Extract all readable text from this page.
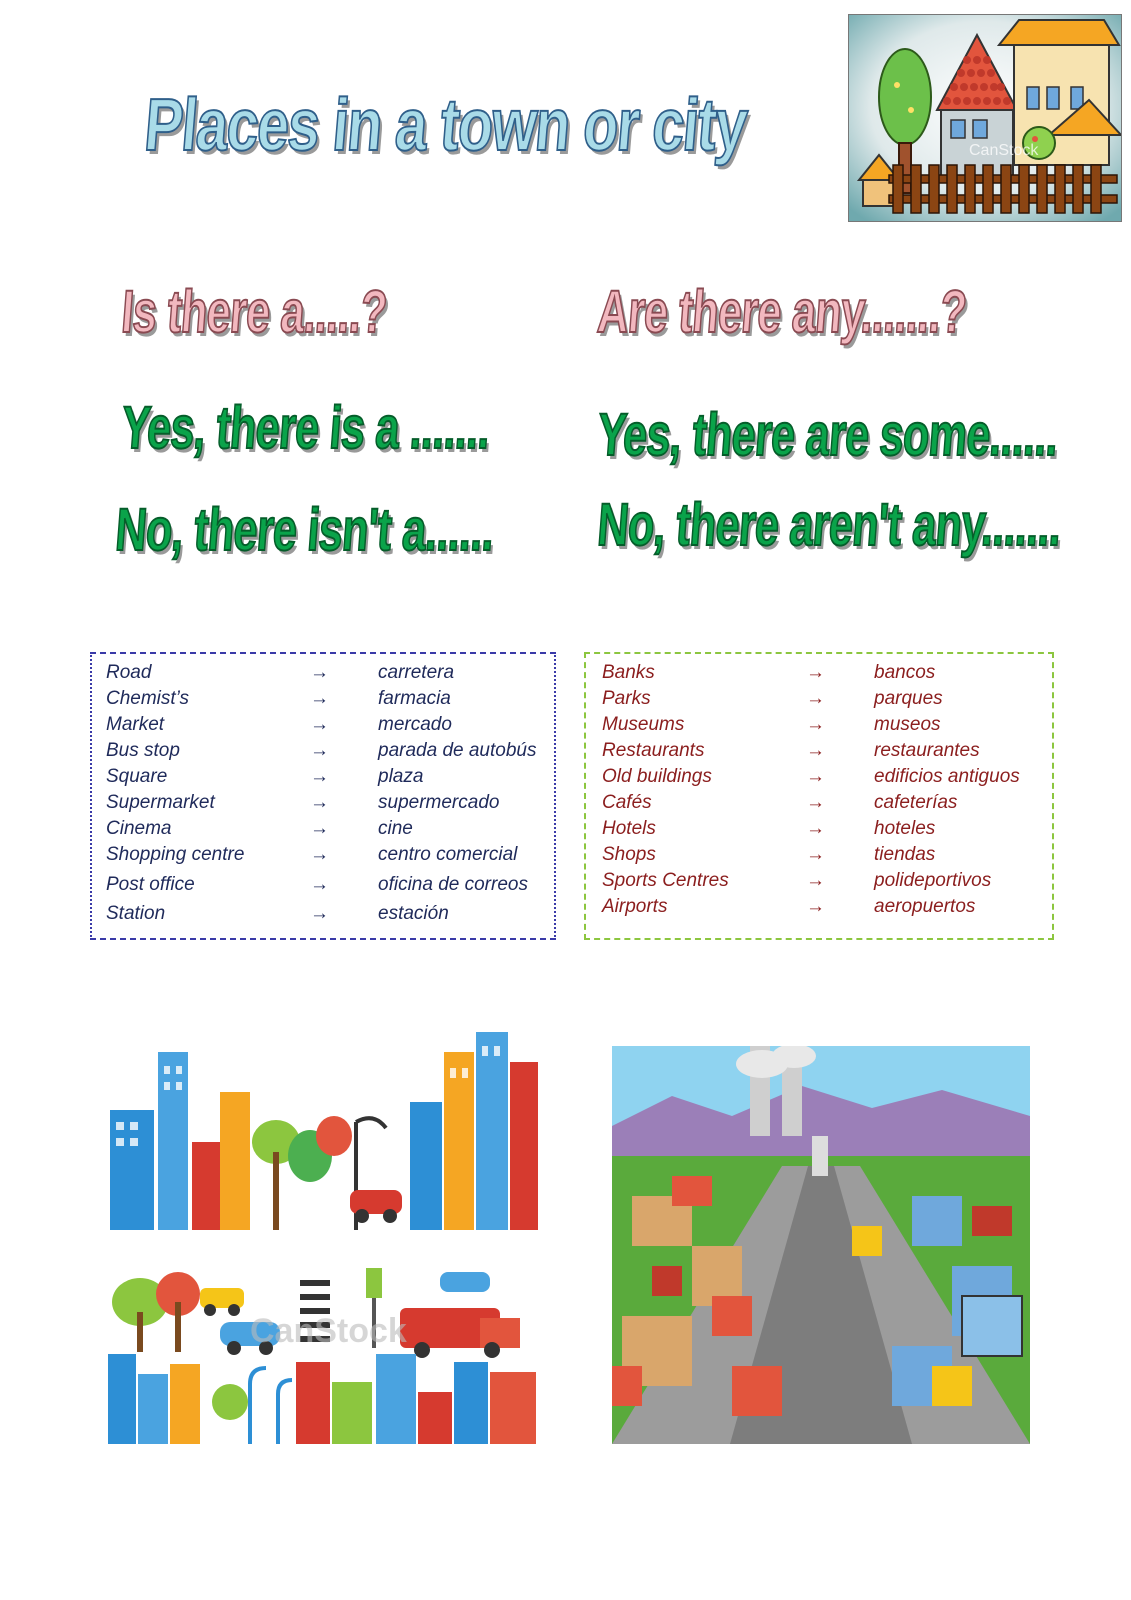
Places in a town or city	CanStock
Is there a.....?	Are there any.......?
Yes, there is a ....... Yes, there are some......
No, there isn't a...... No, there aren't any.......
Road	→	carretera
Chemist’s	→	farmacia
Market	→	mercado
Bus stop	→	parada de autobús
Square	→	plaza
Supermarket	→	supermercado
Cinema	→	cine
Shopping centre	→	centro comercial
Post office	→	oficina de correos
Station	→	estación
Banks	→	bancos
Parks	→	parques
Museums	→	museos
Restaurants	→	restaurantes
Old buildings	→	edificios antiguos
Cafés	→	cafeterías
Hotels	→	hoteles
Shops	→	tiendas
Sports Centres	→	polideportivos
Airports	→	aeropuertos
CanStock
